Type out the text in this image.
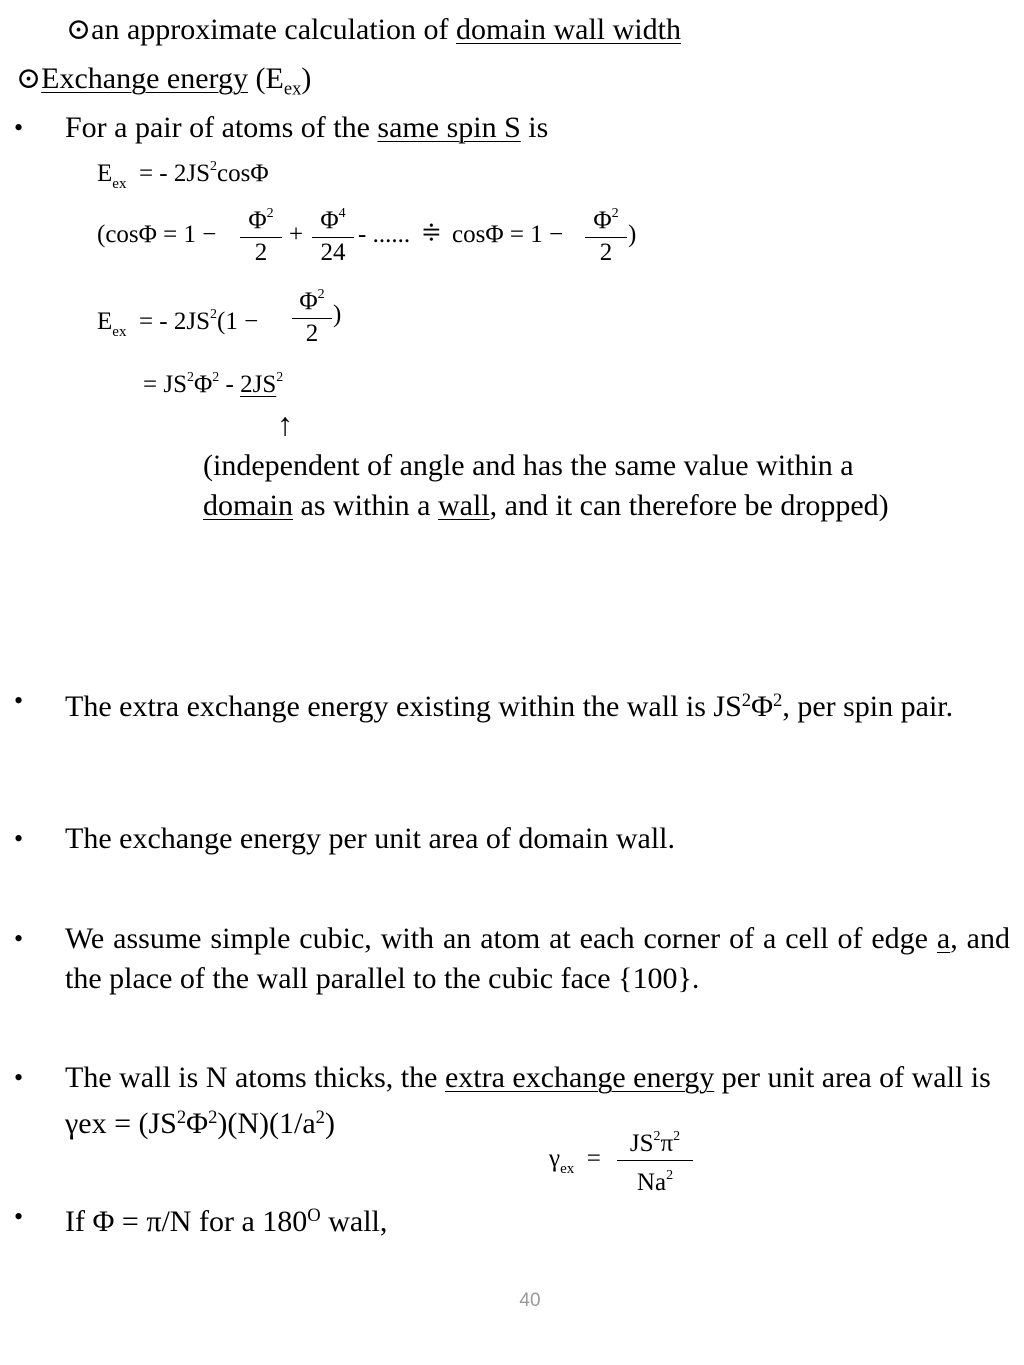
⊙an approximate calculation of domain wall width
⊙Exchange energy $(E_{ex})$
• For a pair of atoms of the same spin S is
$E_{ex}$ = - $2JS^2\cos\Phi$
(cosΦ = 1 −
$\Phi^2$
2
+
$\Phi^4$
24
- ...... ≑ cosΦ = 1 −
$\Phi^2$
2
)
$E_{ex}$ = - $2JS^2(1$ −
$\Phi^2$
2
)
= $JS^2\Phi^2 - 2JS^2$
↑
(independent of angle and has the same value within a
domain as within a wall, and it can therefore be dropped)
• The extra exchange energy existing within the wall is $JS^2\Phi^2$, per spin pair.
• The exchange energy per unit area of domain wall.
• We assume simple cubic, with an atom at each corner of a cell of edge a, and the place of the wall parallel to the cubic face {100}.
• The wall is N atoms thicks, the extra exchange energy per unit area of wall is $\gamma ex = (JS^2\Phi^2)(N)(1/a^2)$
$\gamma_{ex}$ =
$JS^2\pi^2$
Na$^2$
• If Φ = π/N for a $180^O$ wall,
40
